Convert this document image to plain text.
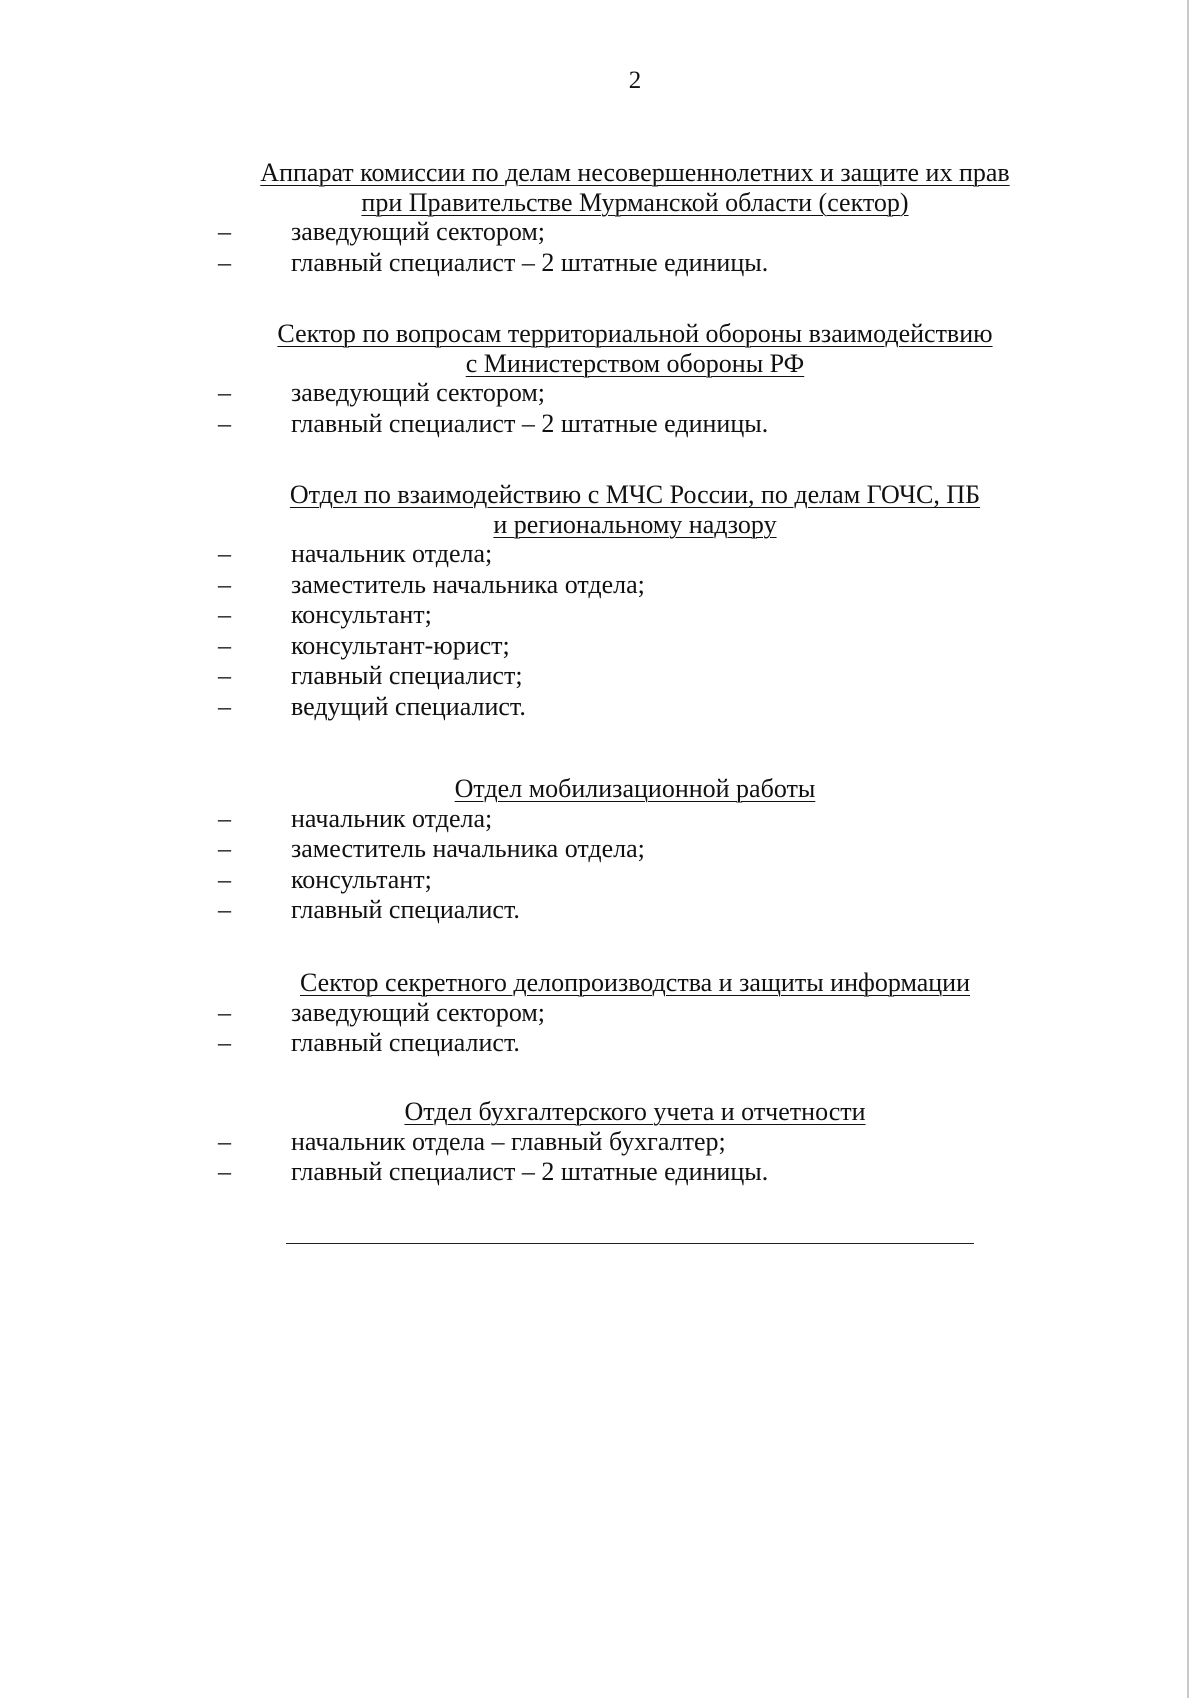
2

Аппарат комиссии по делам несовершеннолетних и защите их прав

при Правительстве Мурманской области (сектор)

– заведующий сектором;
– главный специалист – 2 штатные единицы.

Сектор по вопросам территориальной обороны взаимодействию

с Министерством обороны РФ

– заведующий сектором;
– главный специалист – 2 штатные единицы.

Отдел по взаимодействию с МЧС России, по делам ГОЧС, ПБ

и региональному надзору

– начальник отдела;
– заместитель начальника отдела;
– консультант;
– консультант-юрист;
– главный специалист;
– ведущий специалист.

Отдел мобилизационной работы

– начальник отдела;
– заместитель начальника отдела;
– консультант;
– главный специалист.

Сектор секретного делопроизводства и защиты информации

– заведующий сектором;
– главный специалист.

Отдел бухгалтерского учета и отчетности

– начальник отдела – главный бухгалтер;
– главный специалист – 2 штатные единицы.
